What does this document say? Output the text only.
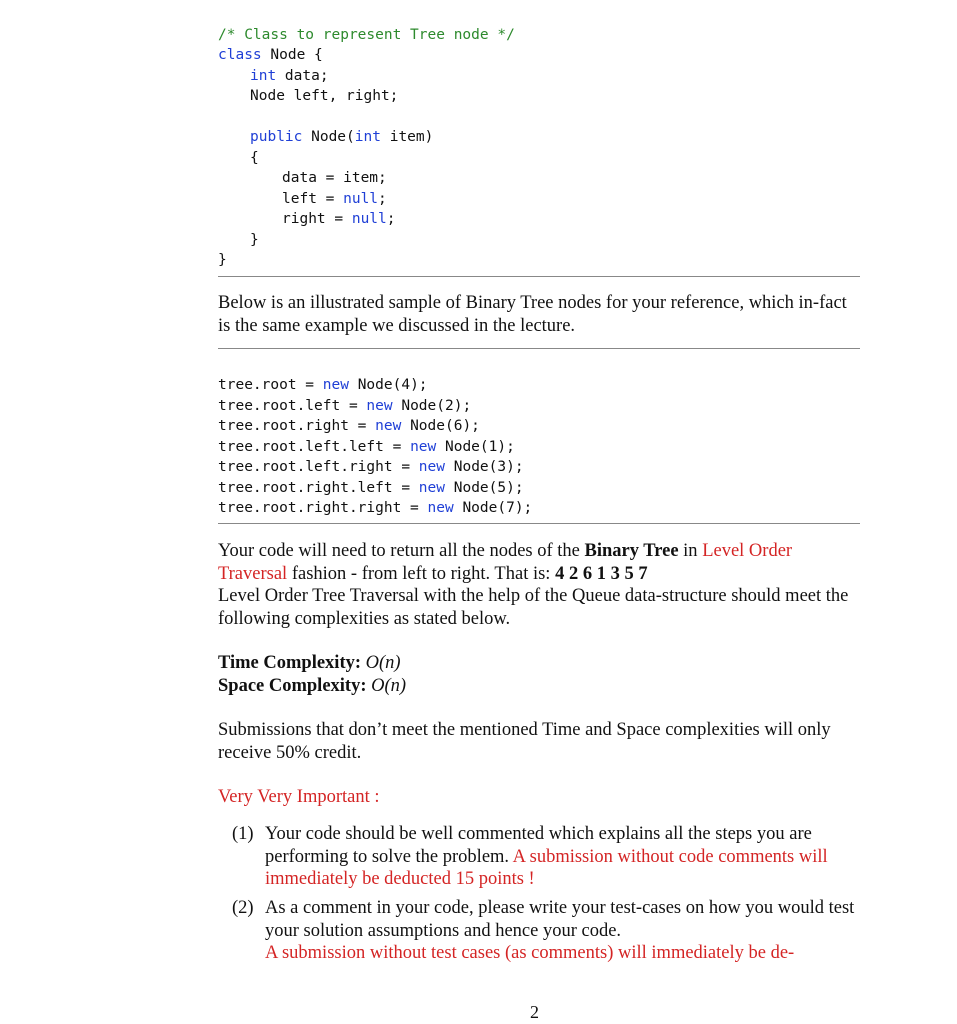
/* Class to represent Tree node */
class Node {
int data;
Node left, right;
public Node(int item)
{
data = item;
left = null;
right = null;
}
}
Below is an illustrated sample of Binary Tree nodes for your reference, which in-fact is the same example we discussed in the lecture.
tree.root = new Node(4);
tree.root.left = new Node(2);
tree.root.right = new Node(6);
tree.root.left.left = new Node(1);
tree.root.left.right = new Node(3);
tree.root.right.left = new Node(5);
tree.root.right.right = new Node(7);
Your code will need to return all the nodes of the Binary Tree in Level Order Traversal fashion - from left to right. That is: 4 2 6 1 3 5 7
Level Order Tree Traversal with the help of the Queue data-structure should meet the following complexities as stated below.
Time Complexity: O(n)
Space Complexity: O(n)
Submissions that don’t meet the mentioned Time and Space complexities will only receive 50% credit.
Very Very Important :
(1) Your code should be well commented which explains all the steps you are performing to solve the problem. A submission without code comments will immediately be deducted 15 points !
(2) As a comment in your code, please write your test-cases on how you would test your solution assumptions and hence your code.
A submission without test cases (as comments) will immediately be de-
2
